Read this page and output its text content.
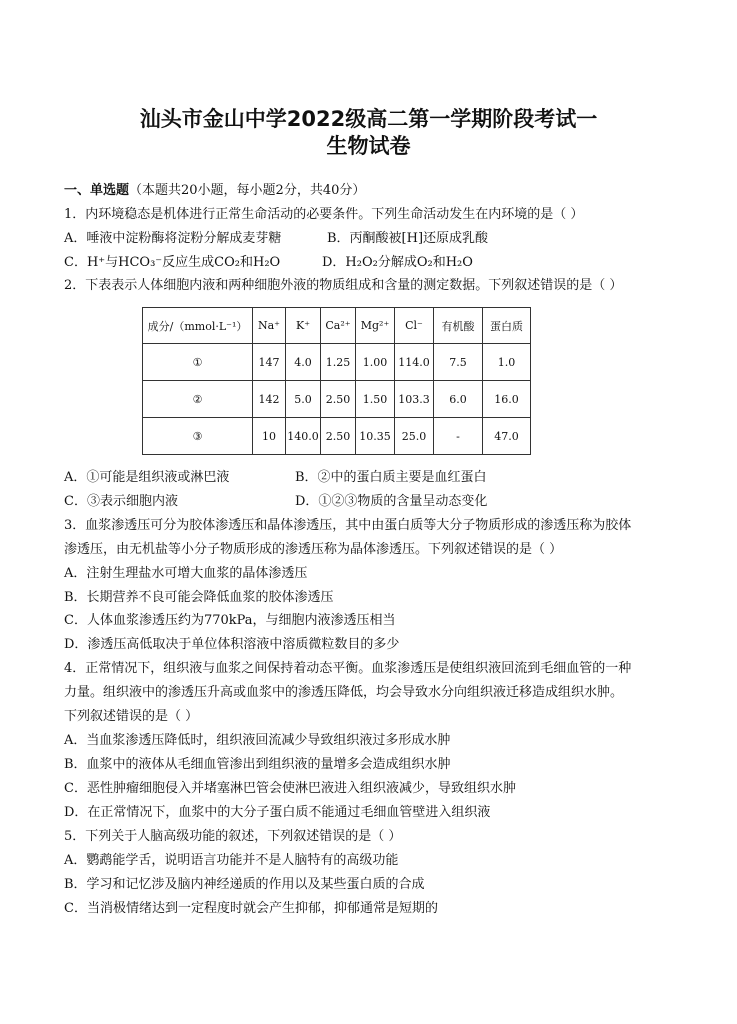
汕头市金山中学2022级高二第一学期阶段考试一
生物试卷
一、单选题（本题共20小题，每小题2分，共40分）
1．内环境稳态是机体进行正常生命活动的必要条件。下列生命活动发生在内环境的是（ ）
A．唾液中淀粉酶将淀粉分解成麦芽糖	B．丙酮酸被[H]还原成乳酸
C．H⁺与HCO₃⁻反应生成CO₂和H₂O	D．H₂O₂分解成O₂和H₂O
2．下表表示人体细胞内液和两种细胞外液的物质组成和含量的测定数据。下列叙述错误的是（ ）
成分/（mmol·L⁻¹）	Na⁺	K⁺	Ca²⁺	Mg²⁺	Cl⁻	有机酸	蛋白质
①	147	4.0	1.25	1.00	114.0	7.5	1.0
②	142	5.0	2.50	1.50	103.3	6.0	16.0
③	10	140.0	2.50	10.35	25.0	-	47.0
A．①可能是组织液或淋巴液	B．②中的蛋白质主要是血红蛋白
C．③表示细胞内液	D．①②③物质的含量呈动态变化
3．血浆渗透压可分为胶体渗透压和晶体渗透压，其中由蛋白质等大分子物质形成的渗透压称为胶体
渗透压，由无机盐等小分子物质形成的渗透压称为晶体渗透压。下列叙述错误的是（ ）
A．注射生理盐水可增大血浆的晶体渗透压
B．长期营养不良可能会降低血浆的胶体渗透压
C．人体血浆渗透压约为770kPa，与细胞内液渗透压相当
D．渗透压高低取决于单位体积溶液中溶质微粒数目的多少
4．正常情况下，组织液与血浆之间保持着动态平衡。血浆渗透压是使组织液回流到毛细血管的一种
力量。组织液中的渗透压升高或血浆中的渗透压降低，均会导致水分向组织液迁移造成组织水肿。
下列叙述错误的是（ ）
A．当血浆渗透压降低时，组织液回流减少导致组织液过多形成水肿
B．血浆中的液体从毛细血管渗出到组织液的量增多会造成组织水肿
C．恶性肿瘤细胞侵入并堵塞淋巴管会使淋巴液进入组织液减少，导致组织水肿
D．在正常情况下，血浆中的大分子蛋白质不能通过毛细血管壁进入组织液
5．下列关于人脑高级功能的叙述，下列叙述错误的是（ ）
A．鹦鹉能学舌，说明语言功能并不是人脑特有的高级功能
B．学习和记忆涉及脑内神经递质的作用以及某些蛋白质的合成
C．当消极情绪达到一定程度时就会产生抑郁，抑郁通常是短期的
